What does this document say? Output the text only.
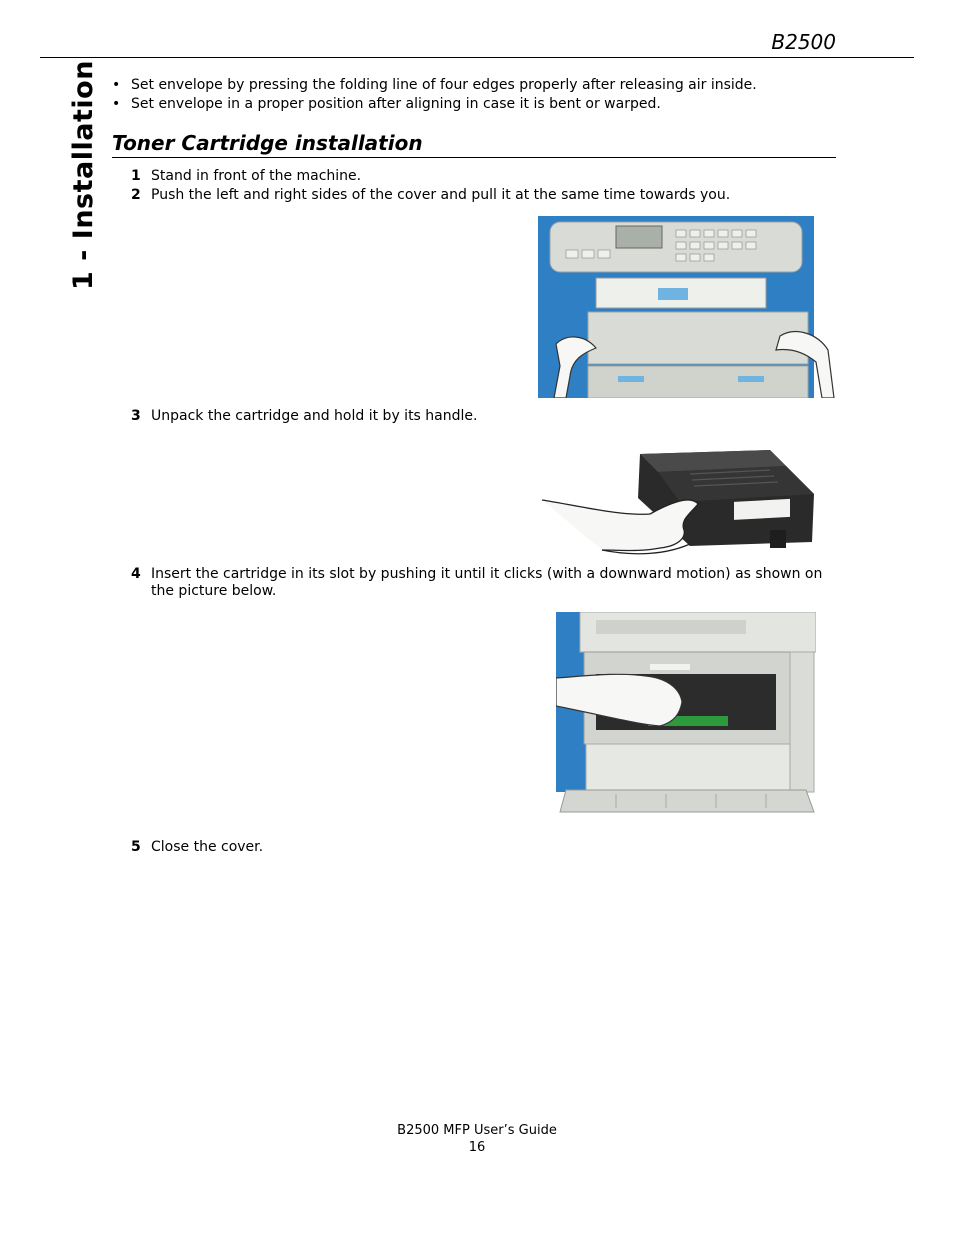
B2500
1 - Installation • Set envelope by pressing the folding line of four edges properly after releasing air inside.
• Set envelope in a proper position after aligning in case it is bent or warped.
Toner Cartridge installation
1 Stand in front of the machine.
2 Push the left and right sides of the cover and pull it at the same time towards you.
3 Unpack the cartridge and hold it by its handle.
4 Insert the cartridge in its slot by pushing it until it clicks (with a downward motion) as shown on the picture below.
5 Close the cover.
B2500 MFP User’s Guide
16
